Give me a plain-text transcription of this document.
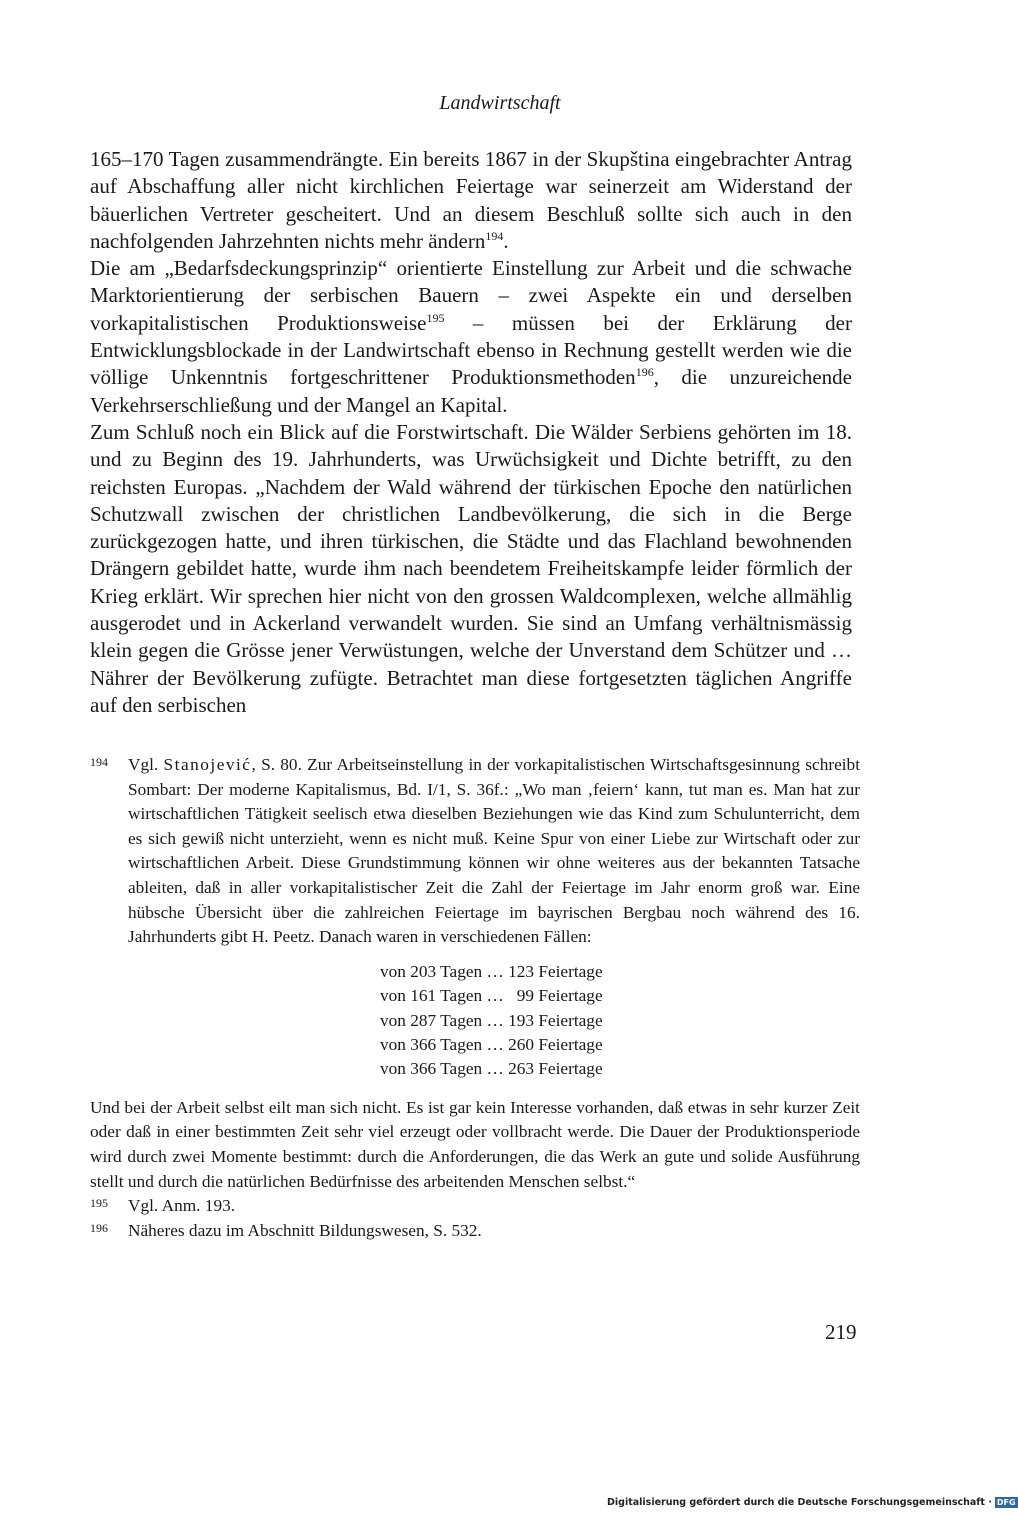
Landwirtschaft

165–170 Tagen zusammendrängte. Ein bereits 1867 in der Skupština eingebrachter Antrag auf Abschaffung aller nicht kirchlichen Feiertage war seinerzeit am Widerstand der bäuerlichen Vertreter gescheitert. Und an diesem Beschluß sollte sich auch in den nachfolgenden Jahrzehnten nichts mehr ändern$^{194}$.

Die am „Bedarfsdeckungsprinzip“ orientierte Einstellung zur Arbeit und die schwache Marktorientierung der serbischen Bauern – zwei Aspekte ein und derselben vorkapitalistischen Produktionsweise$^{195}$ – müssen bei der Erklärung der Entwicklungsblockade in der Landwirtschaft ebenso in Rechnung gestellt werden wie die völlige Unkenntnis fortgeschrittener Produktionsmethoden$^{196}$, die unzureichende Verkehrserschließung und der Mangel an Kapital.

Zum Schluß noch ein Blick auf die Forstwirtschaft. Die Wälder Serbiens gehörten im 18. und zu Beginn des 19. Jahrhunderts, was Urwüchsigkeit und Dichte betrifft, zu den reichsten Europas. „Nachdem der Wald während der türkischen Epoche den natürlichen Schutzwall zwischen der christlichen Landbevölkerung, die sich in die Berge zurückgezogen hatte, und ihren türkischen, die Städte und das Flachland bewohnenden Drängern gebildet hatte, wurde ihm nach beendetem Freiheitskampfe leider förmlich der Krieg erklärt. Wir sprechen hier nicht von den grossen Waldcomplexen, welche allmählig ausgerodet und in Ackerland verwandelt wurden. Sie sind an Umfang verhältnismässig klein gegen die Grösse jener Verwüstungen, welche der Unverstand dem Schützer und … Nährer der Bevölkerung zufügte. Betrachtet man diese fortgesetzten täglichen Angriffe auf den serbischen

194	Vgl. Stanojević, S. 80. Zur Arbeitseinstellung in der vorkapitalistischen Wirtschaftsgesinnung schreibt Sombart: Der moderne Kapitalismus, Bd. I/1, S. 36f.: „Wo man ‚feiern‘ kann, tut man es. Man hat zur wirtschaftlichen Tätigkeit seelisch etwa dieselben Beziehungen wie das Kind zum Schulunterricht, dem es sich gewiß nicht unterzieht, wenn es nicht muß. Keine Spur von einer Liebe zur Wirtschaft oder zur wirtschaftlichen Arbeit. Diese Grundstimmung können wir ohne weiteres aus der bekannten Tatsache ableiten, daß in aller vorkapitalistischer Zeit die Zahl der Feiertage im Jahr enorm groß war. Eine hübsche Übersicht über die zahlreichen Feiertage im bayrischen Bergbau noch während des 16. Jahrhunderts gibt H. Peetz. Danach waren in verschiedenen Fällen:
von 203 Tagen …	123 Feiertage
von 161 Tagen …	99 Feiertage
von 287 Tagen …	193 Feiertage
von 366 Tagen …	260 Feiertage
von 366 Tagen …	263 Feiertage

Und bei der Arbeit selbst eilt man sich nicht. Es ist gar kein Interesse vorhanden, daß etwas in sehr kurzer Zeit oder daß in einer bestimmten Zeit sehr viel erzeugt oder vollbracht werde. Die Dauer der Produktionsperiode wird durch zwei Momente bestimmt: durch die Anforderungen, die das Werk an gute und solide Ausführung stellt und durch die natürlichen Bedürfnisse des arbeitenden Menschen selbst.“

195	Vgl. Anm. 193.
196	Näheres dazu im Abschnitt Bildungswesen, S. 532.
219
Digitalisierung gefördert durch die Deutsche Forschungsgemeinschaft · DFG
